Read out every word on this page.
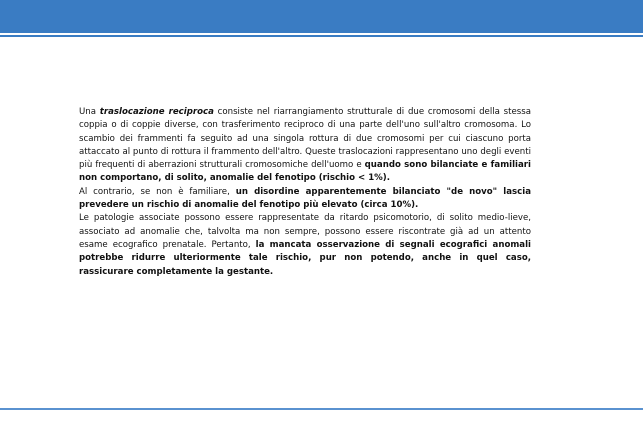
Una traslocazione reciproca consiste nel riarrangiamento strutturale di due cromosomi della stessa coppia o di coppie diverse, con trasferimento reciproco di una parte dell'uno sull'altro cromosoma. Lo scambio dei frammenti fa seguito ad una singola rottura di due cromosomi per cui ciascuno porta attaccato al punto di rottura il frammento dell'altro. Queste traslocazioni rappresentano uno degli eventi più frequenti di aberrazioni strutturali cromosomiche dell'uomo e quando sono bilanciate e familiari non comportano, di solito, anomalie del fenotipo (rischio < 1%).

Al contrario, se non è familiare, un disordine apparentemente bilanciato "de novo" lascia prevedere un rischio di anomalie del fenotipo più elevato (circa 10%).

Le patologie associate possono essere rappresentate da ritardo psicomotorio, di solito medio-lieve, associato ad anomalie che, talvolta ma non sempre, possono essere riscontrate già ad un attento esame ecografico prenatale. Pertanto, la mancata osservazione di segnali ecografici anomali potrebbe ridurre ulteriormente tale rischio, pur non potendo, anche in quel caso, rassicurare completamente la gestante.
